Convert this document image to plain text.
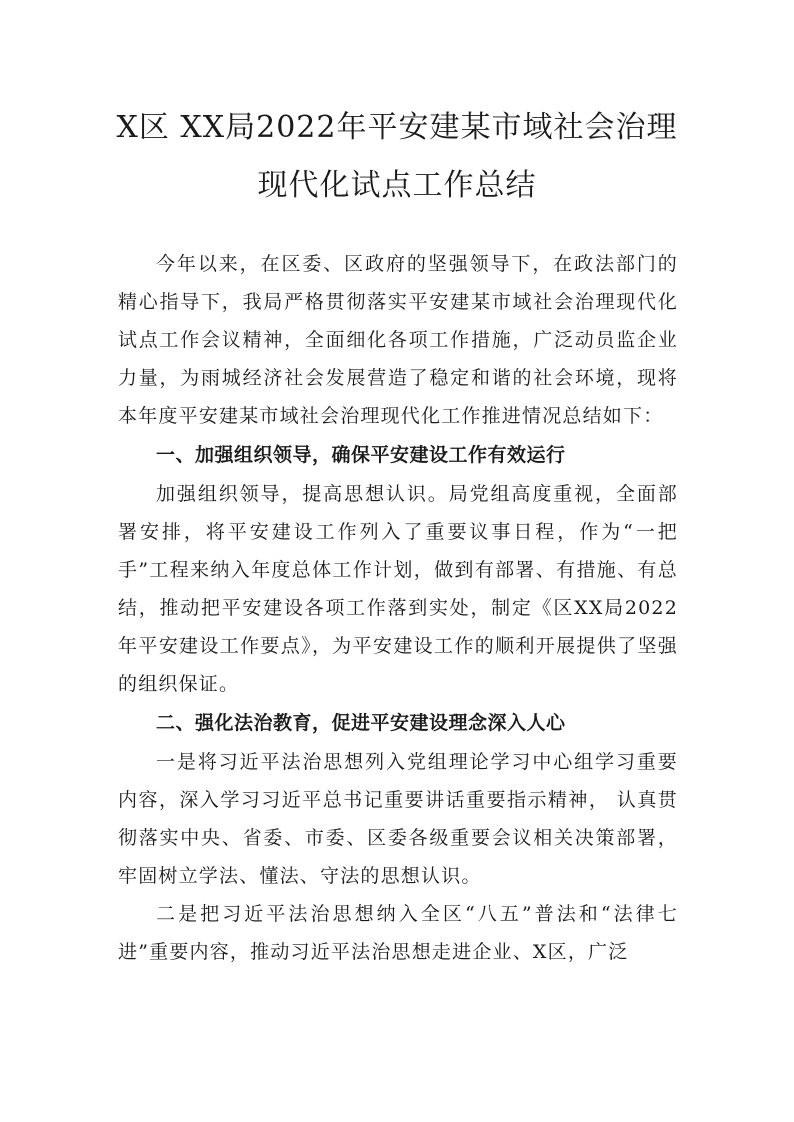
X区 XX局2022年平安建某市域社会治理
现代化试点工作总结

今年以来，在区委、区政府的坚强领导下，在政法部门的精心指导下，我局严格贯彻落实平安建某市域社会治理现代化试点工作会议精神，全面细化各项工作措施，广泛动员监企业力量，为雨城经济社会发展营造了稳定和谐的社会环境，现将本年度平安建某市域社会治理现代化工作推进情况总结如下：

一、加强组织领导，确保平安建设工作有效运行

加强组织领导，提高思想认识。局党组高度重视，全面部署安排，将平安建设工作列入了重要议事日程，作为“一把手”工程来纳入年度总体工作计划，做到有部署、有措施、有总结，推动把平安建设各项工作落到实处，制定《区XX局2022年平安建设工作要点》，为平安建设工作的顺利开展提供了坚强的组织保证。

二、强化法治教育，促进平安建设理念深入人心

一是将习近平法治思想列入党组理论学习中心组学习重要内容，深入学习习近平总书记重要讲话重要指示精神， 认真贯彻落实中央、省委、市委、区委各级重要会议相关决策部署，牢固树立学法、懂法、守法的思想认识。

二是把习近平法治思想纳入全区“八五”普法和“法律七进”重要内容，推动习近平法治思想走进企业、X区，广泛
